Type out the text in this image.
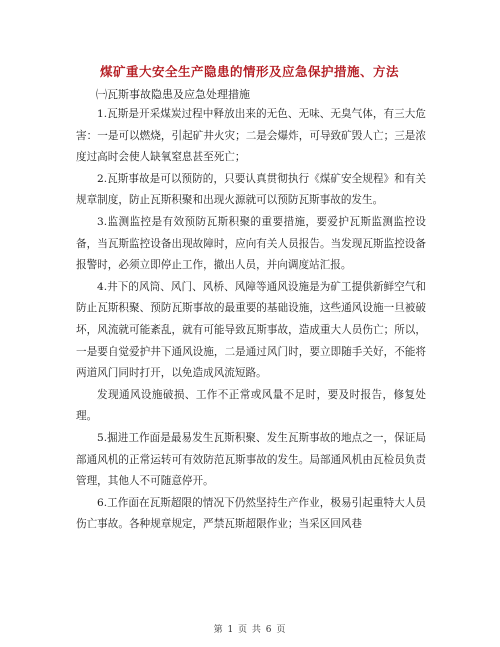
煤矿重大安全生产隐患的情形及应急保护措施、方法
㈠瓦斯事故隐患及应急处理措施

1.瓦斯是开采煤炭过程中释放出来的无色、无味、无臭气体，有三大危害：一是可以燃烧，引起矿井火灾；二是会爆炸，可导致矿毁人亡；三是浓度过高时会使人缺氧窒息甚至死亡；

2.瓦斯事故是可以预防的，只要认真贯彻执行《煤矿安全规程》和有关规章制度，防止瓦斯积聚和出现火源就可以预防瓦斯事故的发生。

3.监测监控是有效预防瓦斯积聚的重要措施，要爱护瓦斯监测监控设备，当瓦斯监控设备出现故障时，应向有关人员报告。当发现瓦斯监控设备报警时，必须立即停止工作，撤出人员，并向调度站汇报。

4.井下的风筒、风门、风桥、风障等通风设施是为矿工提供新鲜空气和防止瓦斯积聚、预防瓦斯事故的最重要的基础设施，这些通风设施一旦被破坏，风流就可能紊乱，就有可能导致瓦斯事故，造成重大人员伤亡；所以，一是要自觉爱护井下通风设施，二是通过风门时，要立即随手关好，不能将两道风门同时打开，以免造成风流短路。

发现通风设施破损、工作不正常或风量不足时，要及时报告，修复处理。

5.掘进工作面是最易发生瓦斯积聚、发生瓦斯事故的地点之一，保证局部通风机的正常运转可有效防范瓦斯事故的发生。局部通风机由瓦检员负责管理，其他人不可随意停开。

6.工作面在瓦斯超限的情况下仍然坚持生产作业，极易引起重特大人员伤亡事故。各种规章规定，严禁瓦斯超限作业；当采区回风巷

第 1 页 共 6 页
